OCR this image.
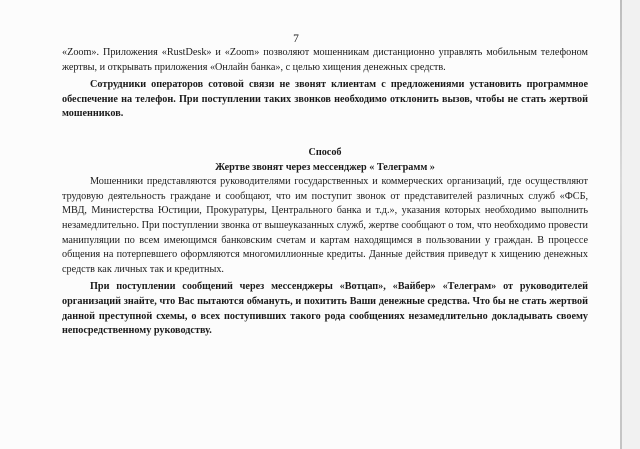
7

«Zoom». Приложения «RustDesk» и «Zoom» позволяют мошенникам дистанционно управлять мобильным телефоном жертвы, и открывать приложения «Онлайн банка», с целью хищения денежных средств.

Сотрудники операторов сотовой связи не звонят клиентам с предложениями установить программное обеспечение на телефон. При поступлении таких звонков необходимо отклонить вызов, чтобы не стать жертвой мошенников.

Способ

Жертве звонят через мессенджер « Телеграмм »

Мошенники представляются руководителями государственных и коммерческих организаций, где осуществляют трудовую деятельность граждане и сообщают, что им поступит звонок от представителей различных служб «ФСБ, МВД, Министерства Юстиции, Прокуратуры, Центрального банка и т.д.», указания которых необходимо выполнить незамедлительно. При поступлении звонка от вышеуказанных служб, жертве сообщают о том, что необходимо провести манипуляции по всем имеющимся банковским счетам и картам находящимся в пользовании у граждан. В процессе общения на потерпевшего оформляются многомиллионные кредиты. Данные действия приведут к хищению денежных средств как личных так и кредитных.

При поступлении сообщений через мессенджеры «Вотцап», «Вайбер» «Телеграм» от руководителей организаций знайте, что Вас пытаются обмануть, и похитить Ваши денежные средства. Что бы не стать жертвой данной преступной схемы, о всех поступивших такого рода сообщениях незамедлительно докладывать своему непосредственному руководству.
